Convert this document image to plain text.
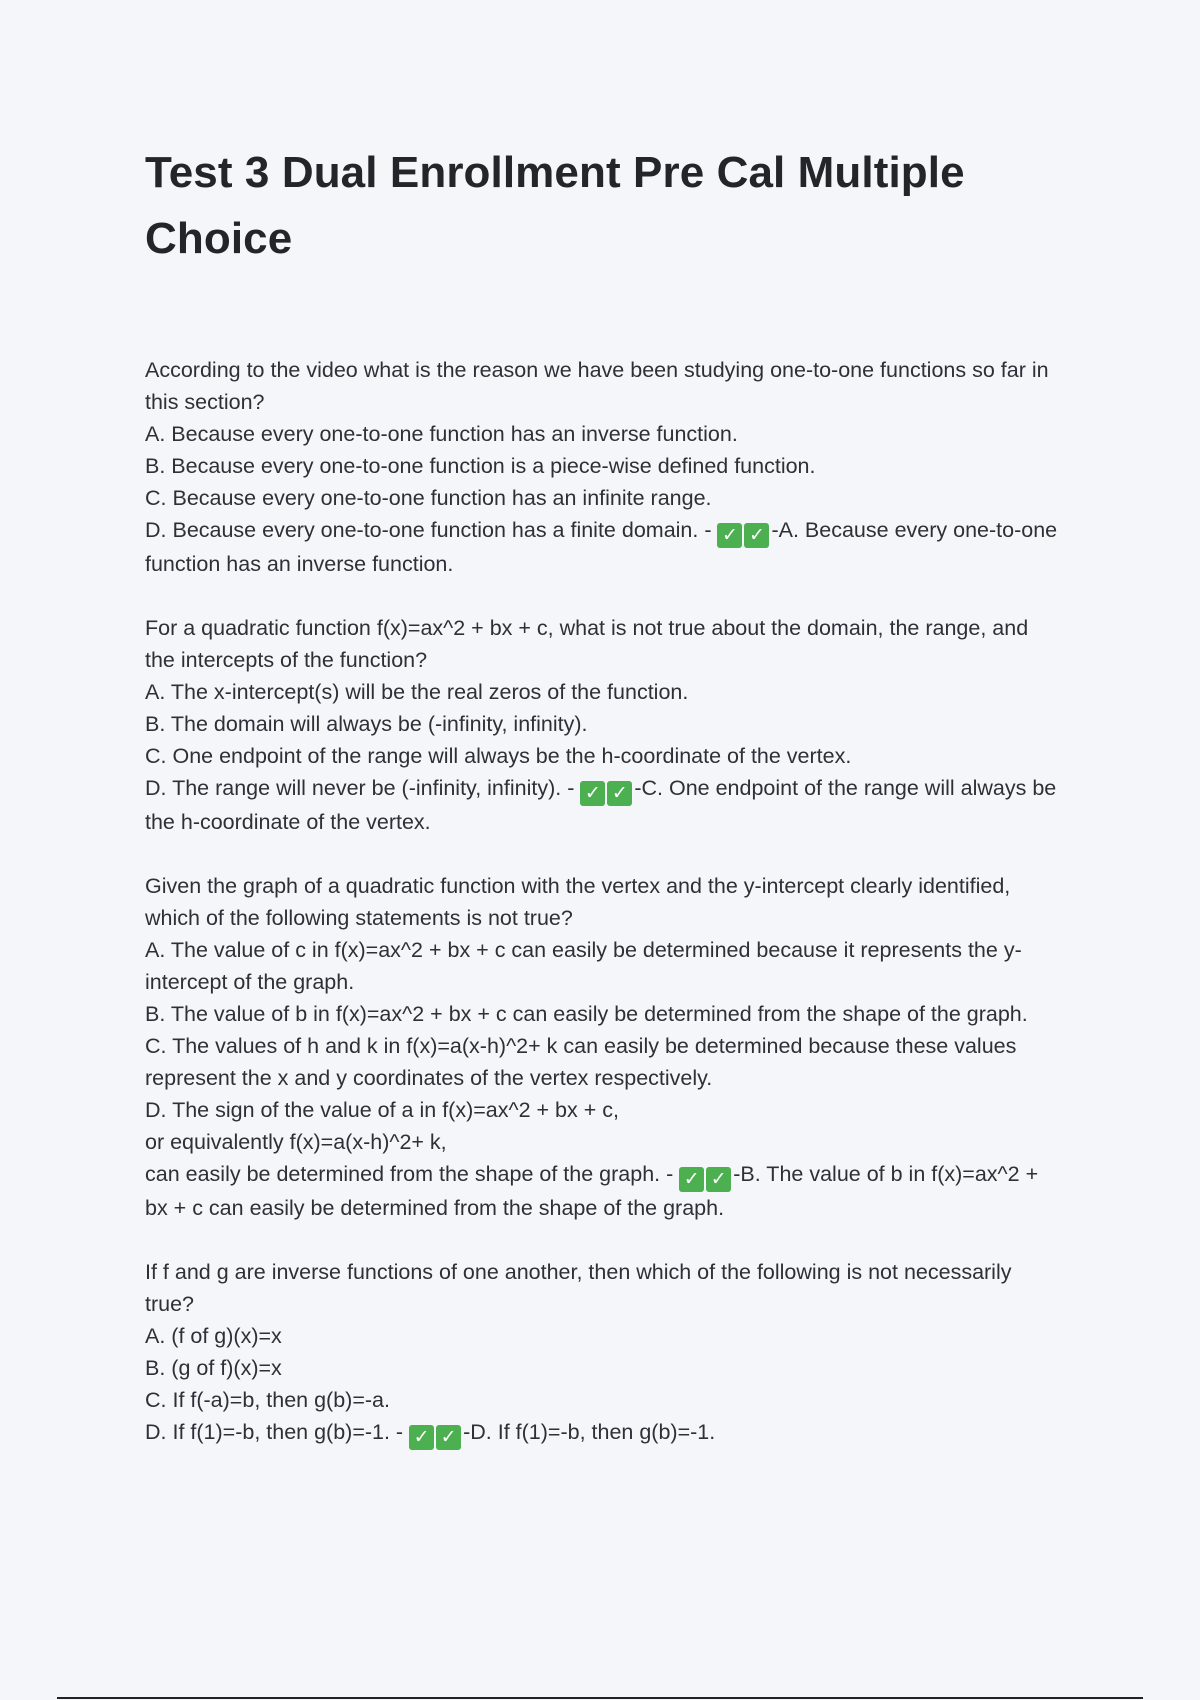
Test 3 Dual Enrollment Pre Cal Multiple Choice
According to the video what is the reason we have been studying one-to-one functions so far in this section?
A. Because every one-to-one function has an inverse function.
B. Because every one-to-one function is a piece-wise defined function.
C. Because every one-to-one function has an infinite range.
D. Because every one-to-one function has a finite domain. - ✓ ✓ -A. Because every one-to-one function has an inverse function.
For a quadratic function f(x)=ax^2 + bx + c, what is not true about the domain, the range, and the intercepts of the function?
A. The x-intercept(s) will be the real zeros of the function.
B. The domain will always be (-infinity, infinity).
C. One endpoint of the range will always be the h-coordinate of the vertex.
D. The range will never be (-infinity, infinity). - ✓ ✓ -C. One endpoint of the range will always be the h-coordinate of the vertex.
Given the graph of a quadratic function with the vertex and the y-intercept clearly identified, which of the following statements is not true?
A. The value of c in f(x)=ax^2 + bx + c can easily be determined because it represents the y-intercept of the graph.
B. The value of b in f(x)=ax^2 + bx + c can easily be determined from the shape of the graph.
C. The values of h and k in f(x)=a(x-h)^2+ k can easily be determined because these values represent the x and y coordinates of the vertex respectively.
D. The sign of the value of a in f(x)=ax^2 + bx + c,
or equivalently f(x)=a(x-h)^2+ k,
can easily be determined from the shape of the graph. - ✓ ✓ -B. The value of b in f(x)=ax^2 + bx + c can easily be determined from the shape of the graph.
If f and g are inverse functions of one another, then which of the following is not necessarily true?
A. (f of g)(x)=x
B. (g of f)(x)=x
C. If f(-a)=b, then g(b)=-a.
D. If f(1)=-b, then g(b)=-1. - ✓ ✓ -D. If f(1)=-b, then g(b)=-1.
